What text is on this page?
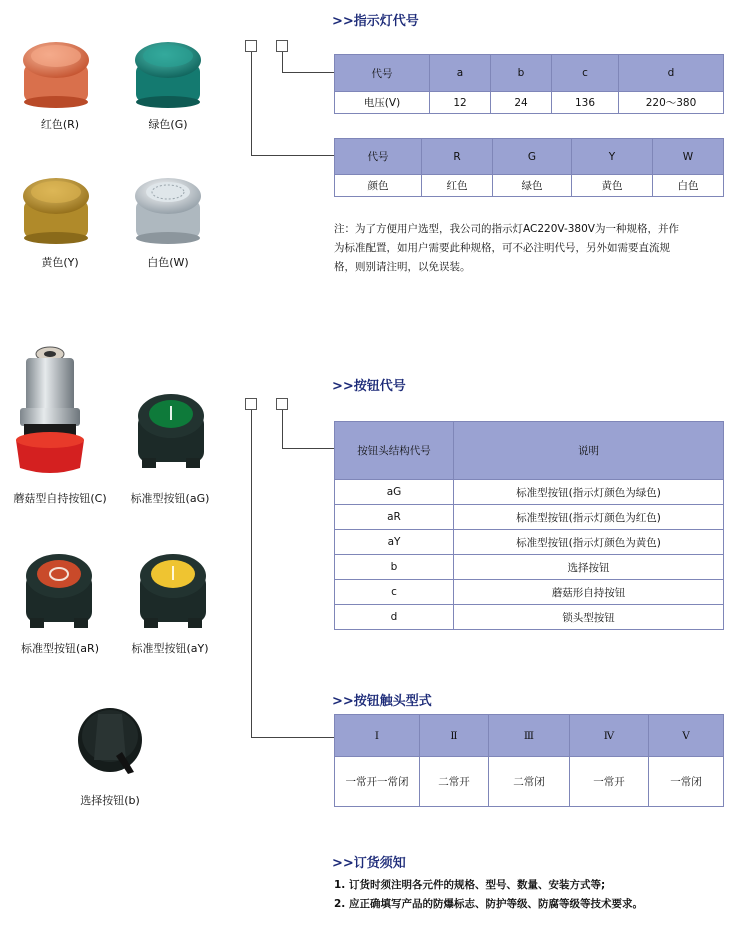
红色(R)	绿色(G)
黄色(Y)	白色(W)
>>指示灯代号
代号	a	b	c	d
电压(V)	12	24	136	220～380
代号	R	G	Y	W
颜色	红色	绿色	黄色	白色
注：为了方便用户选型，我公司的指示灯AC220V-380V为一种规格，并作
为标准配置，如用户需要此种规格，可不必注明代号，另外如需要直流规
格，则别请注明，以免误装。
蘑菇型自持按钮(C)	标准型按钮(aG)
标准型按钮(aR)	标准型按钮(aY)
选择按钮(b)
>>按钮代号
按钮头结构代号	说明
aG	标准型按钮(指示灯颜色为绿色)
aR	标准型按钮(指示灯颜色为红色)
aY	标准型按钮(指示灯颜色为黄色)
b	选择按钮
c	蘑菇形自持按钮
d	锁头型按钮
>>按钮触头型式
Ⅰ	Ⅱ	Ⅲ	Ⅳ	Ⅴ
一常开一常闭	二常开	二常闭	一常开	一常闭
>>订货须知
1. 订货时须注明各元件的规格、型号、数量、安装方式等;
2. 应正确填写产品的防爆标志、防护等级、防腐等级等技术要求。
